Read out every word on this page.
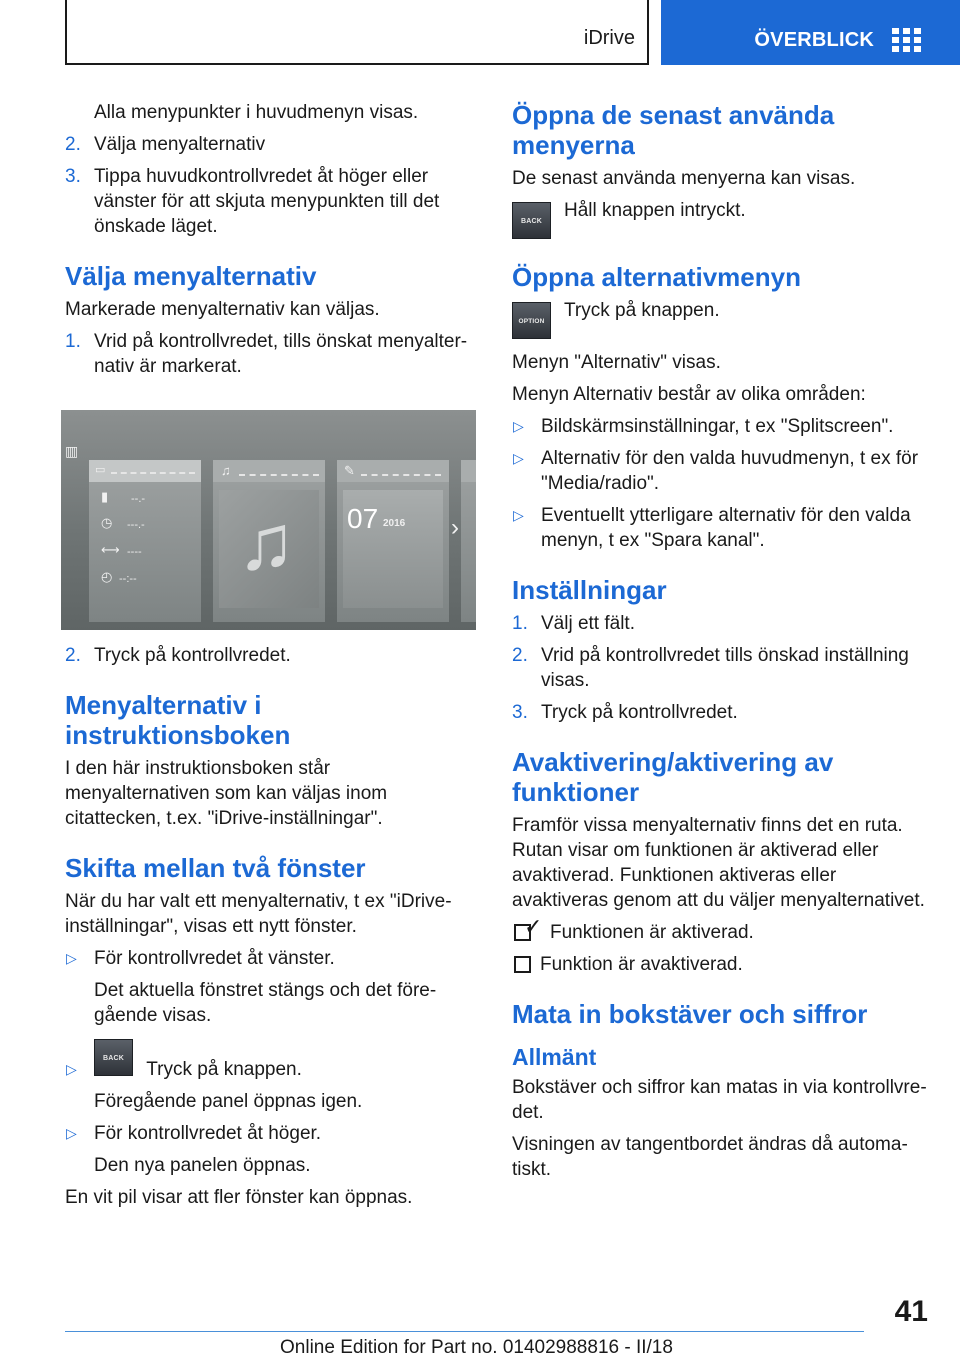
iDrive	ÖVERBLICK

Alla menypunkter i huvudmenyn visas.

2. Välja menyalternativ
3. Tippa huvudkontrollvredet åt höger eller vänster för att skjuta menypunkten till det önskade läget.
Välja menyalternativ

Markerade menyalternativ kan väljas.

1. Vrid på kontrollvredet, tills önskat menyalternativ är markerat.
▥
▭
▮ --.-
◷ ---.-
⟷ ----
◴ --:--
♫
♫
✎
07 2016 ›
2. Tryck på kontrollvredet.
Menyalternativ i instruktionsboken

I den här instruktionsboken står menyalternativen som kan väljas inom citattecken, t.ex. "iDrive-inställningar".

Skifta mellan två fönster

När du har valt ett menyalternativ, t ex "iDrive-inställningar", visas ett nytt fönster.

▷ För kontrollvredet åt vänster.
Det aktuella fönstret stängs och det föregående visas.
▷
BACK Tryck på knappen.
Föregående panel öppnas igen.
▷ För kontrollvredet åt höger.
Den nya panelen öppnas.

En vit pil visar att fler fönster kan öppnas.

Öppna de senast använda menyerna

De senast använda menyerna kan visas.

BACK
Håll knappen intryckt.
Öppna alternativmenyn
OPTION
Tryck på knappen.

Menyn "Alternativ" visas.

Menyn Alternativ består av olika områden:

▷ Bildskärmsinställningar, t ex "Splitscreen".
▷ Alternativ för den valda huvudmenyn, t ex för "Media/radio".
▷ Eventuellt ytterligare alternativ för den valda menyn, t ex "Spara kanal".
Inställningar
1. Välj ett fält.
2. Vrid på kontrollvredet tills önskad inställning visas.
3. Tryck på kontrollvredet.
Avaktivering/aktivering av funktioner

Framför vissa menyalternativ finns det en ruta. Rutan visar om funktionen är aktiverad eller avaktiverad. Funktionen aktiveras eller avaktiveras genom att du väljer menyalternativet.

✓ Funktionen är aktiverad.
Funktion är avaktiverad.
Mata in bokstäver och siffror
Allmänt

Bokstäver och siffror kan matas in via kontrollvredet.

Visningen av tangentbordet ändras då automatiskt.

41
Online Edition for Part no. 01402988816 - II/18
